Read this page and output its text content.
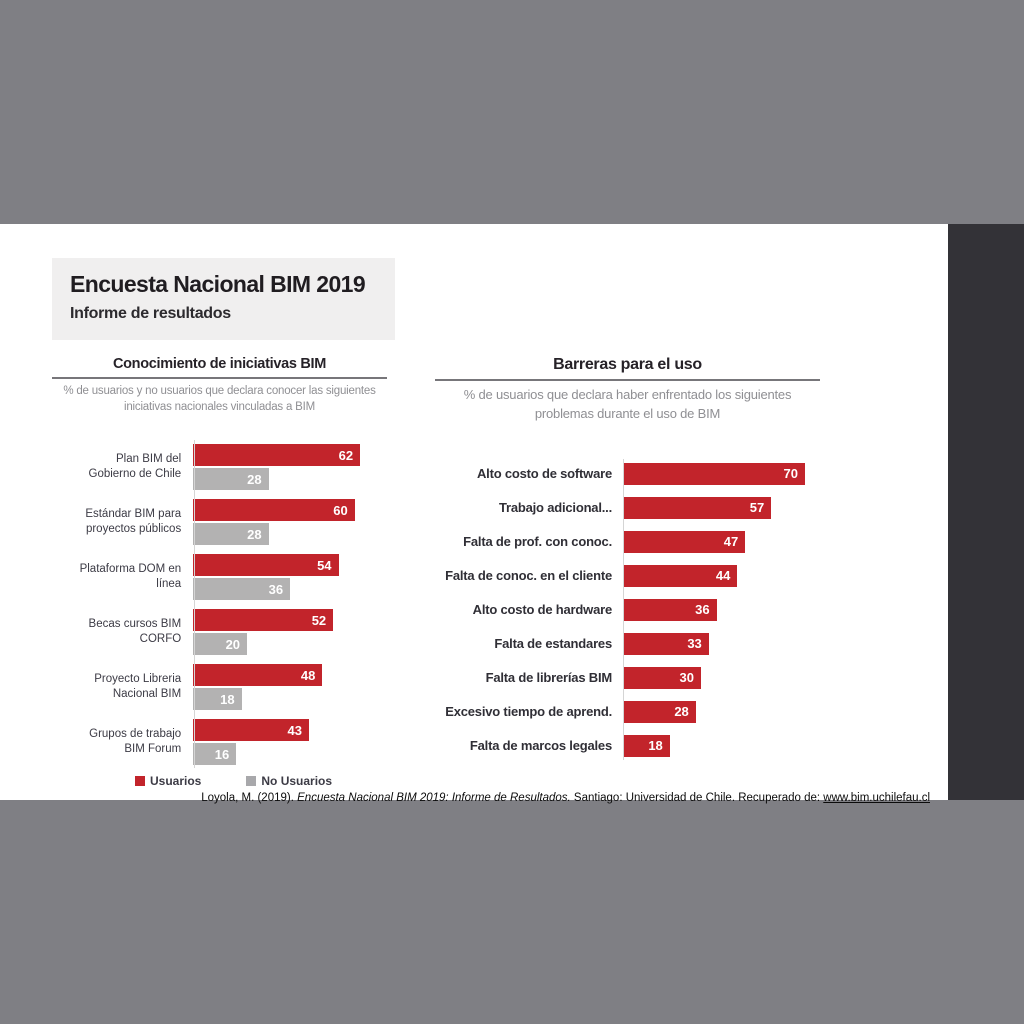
Encuesta Nacional BIM 2019
Informe de resultados
Conocimiento de iniciativas BIM

% de usuarios y no usuarios que declara conocer las siguientes iniciativas nacionales vinculadas a BIM

Plan BIM del
Gobierno de Chile
62
28
Estándar BIM para
proyectos públicos
60
28
Plataforma DOM en
línea
54
36
Becas cursos BIM
CORFO
52
20
Proyecto Libreria
Nacional BIM
48
18
Grupos de trabajo
BIM Forum
43
16
Usuarios	No Usuarios
Barreras para el uso

% de usuarios que declara haber enfrentado los siguientes problemas durante el uso de BIM

Alto costo de software	70
Trabajo adicional...	57
Falta de prof. con conoc.	47
Falta de conoc. en el cliente	44
Alto costo de hardware	36
Falta de estandares	33
Falta de librerías BIM	30
Excesivo tiempo de aprend.	28
Falta de marcos legales	18

Loyola, M. (2019). Encuesta Nacional BIM 2019: Informe de Resultados. Santiago: Universidad de Chile. Recuperado de: www.bim.uchilefau.cl
